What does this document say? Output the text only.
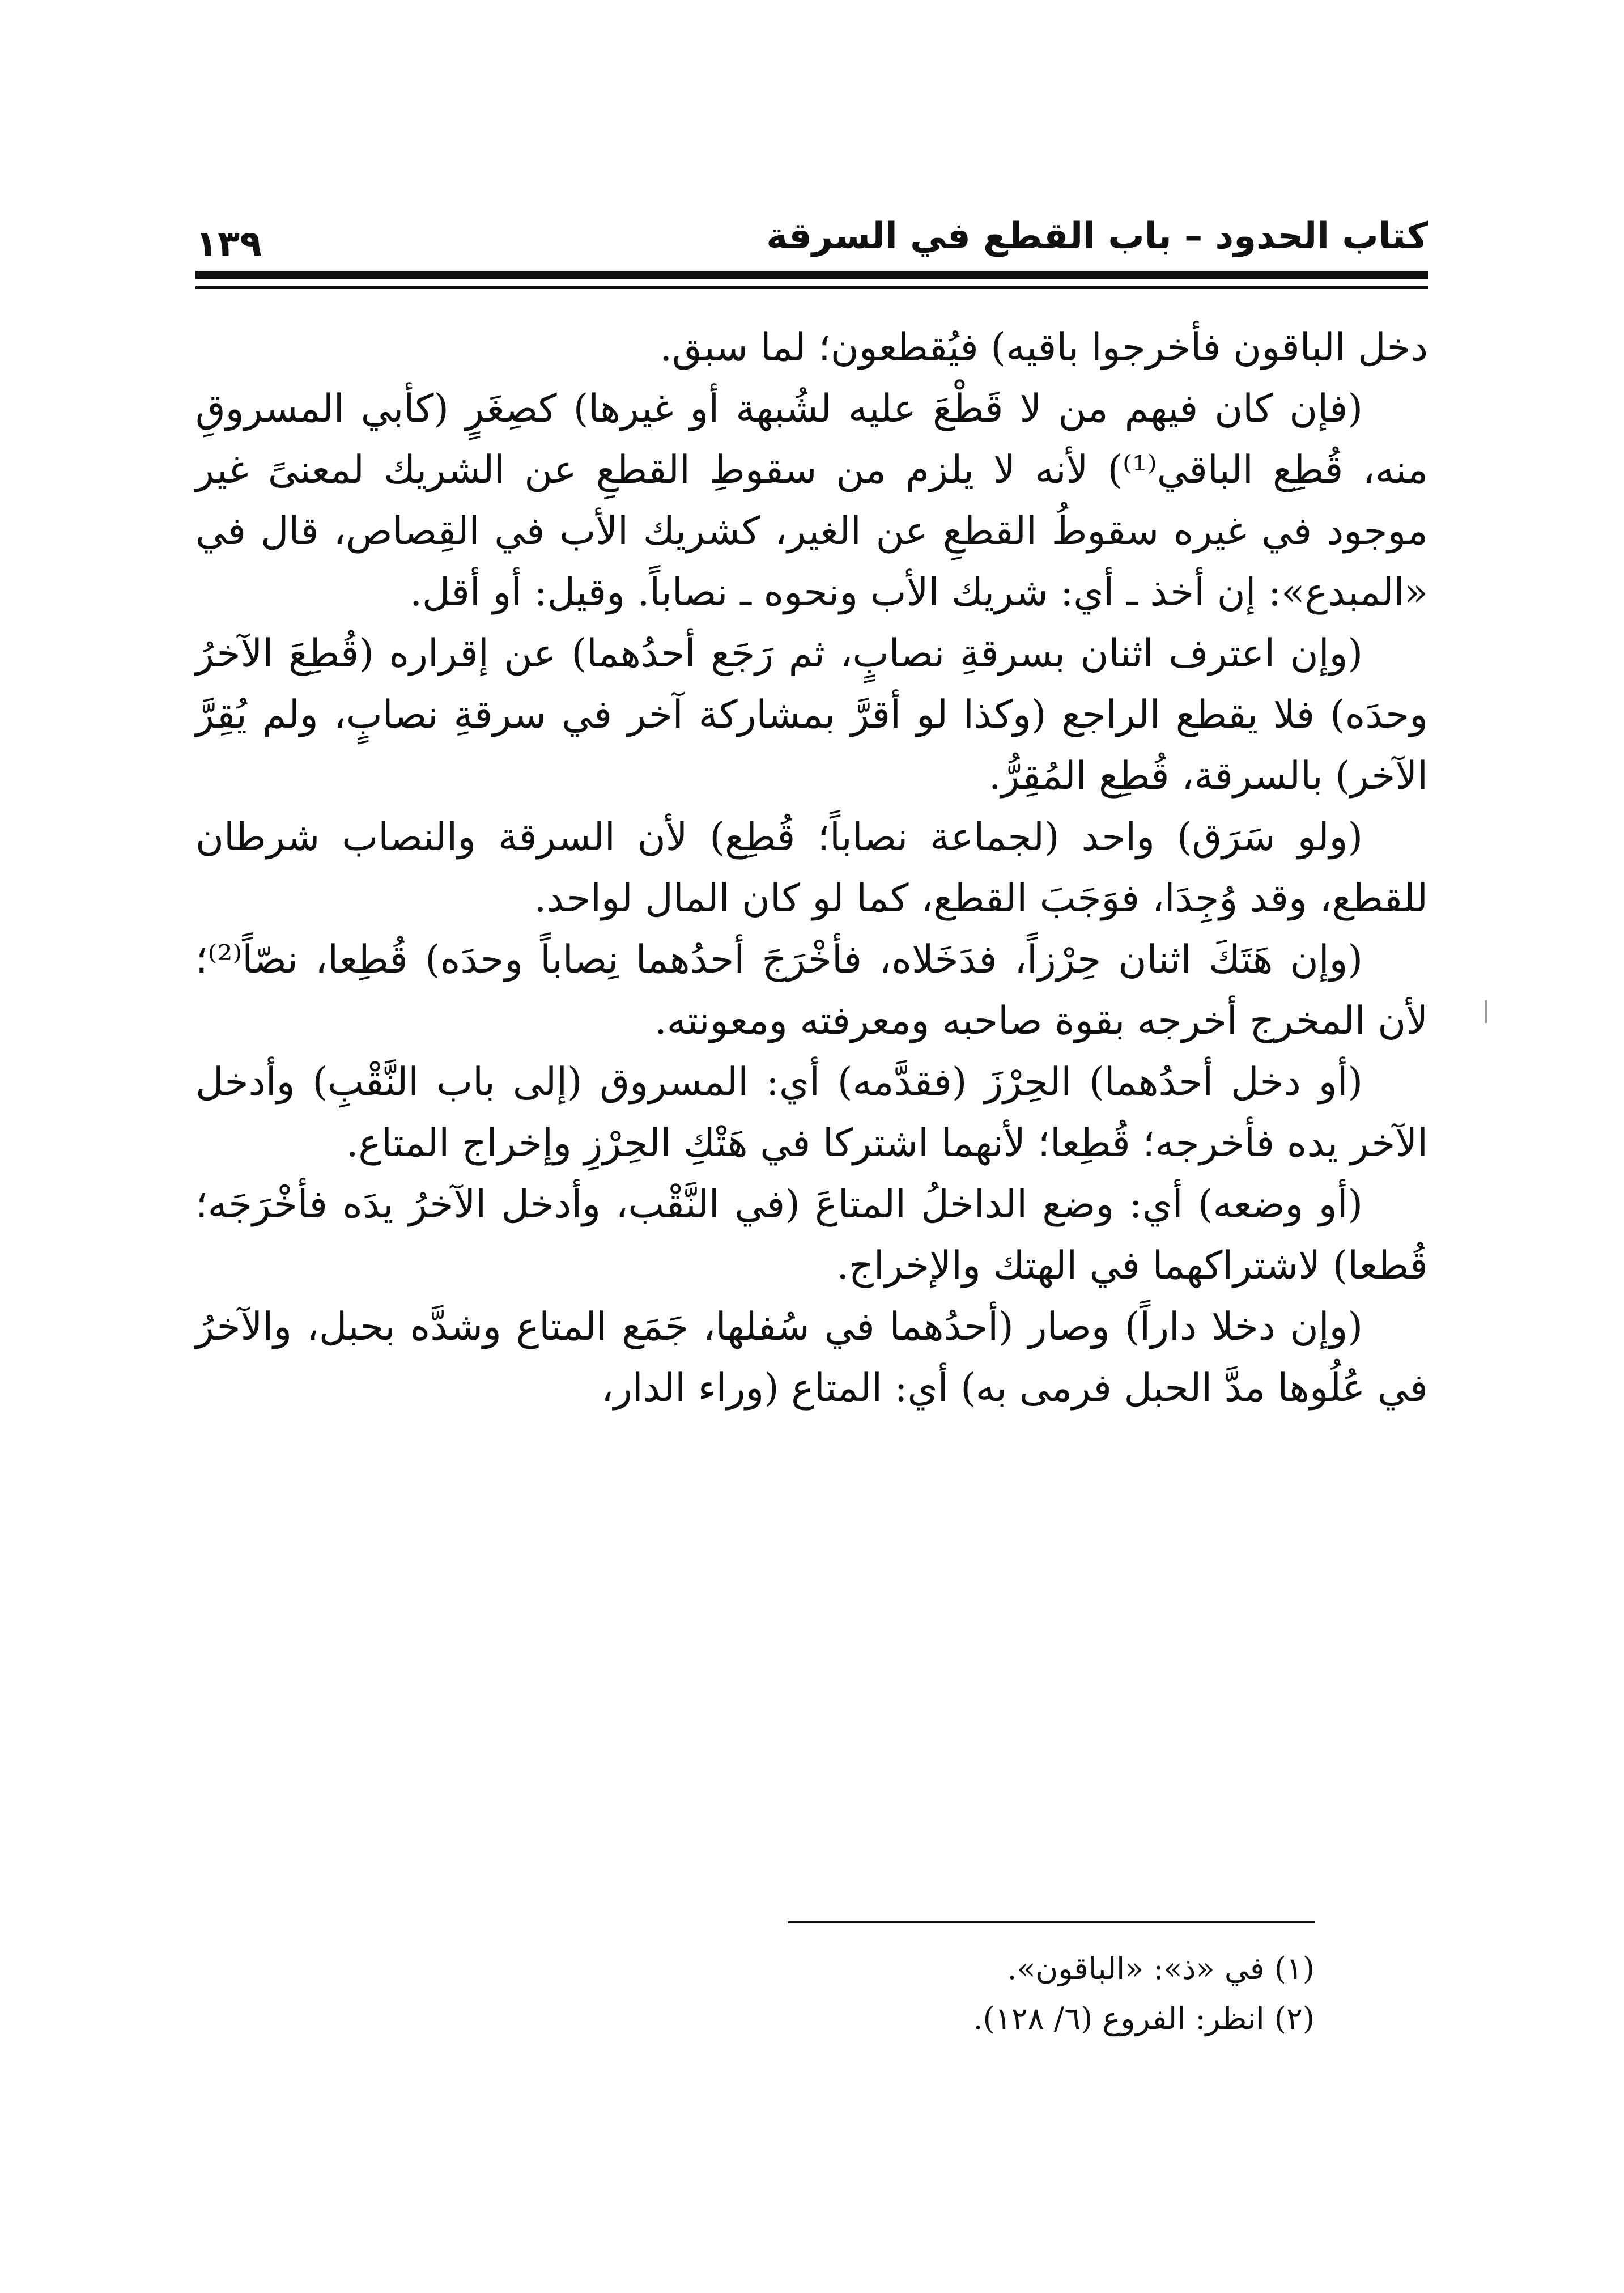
كتاب الحدود – باب القطع في السرقة
١٣٩

دخل الباقون فأخرجوا باقيه) فيُقطعون؛ لما سبق.

(فإن كان فيهم من لا قَطْعَ عليه لشُبهة أو غيرها) كصِغَرٍ (كأبي المسروقِ منه، قُطِع الباقي⁽¹⁾) لأنه لا يلزم من سقوطِ القطعِ عن الشريك لمعنىً غير موجود في غيره سقوطُ القطعِ عن الغير، كشريك الأب في القِصاص، قال في «المبدع»: إن أخذ ـ أي: شريك الأب ونحوه ـ نصاباً. وقيل: أو أقل.

(وإن اعترف اثنان بسرقةِ نصابٍ، ثم رَجَع أحدُهما) عن إقراره (قُطِعَ الآخرُ وحدَه) فلا يقطع الراجع (وكذا لو أقرَّ بمشاركة آخر في سرقةِ نصابٍ، ولم يُقِرَّ الآخر) بالسرقة، قُطِع المُقِرُّ.

(ولو سَرَق) واحد (لجماعة نصاباً؛ قُطِع) لأن السرقة والنصاب شرطان للقطع، وقد وُجِدَا، فوَجَبَ القطع، كما لو كان المال لواحد.

(وإن هَتَكَ اثنان حِرْزاً، فدَخَلاه، فأخْرَجَ أحدُهما نِصاباً وحدَه) قُطِعا، نصّاً⁽²⁾؛ لأن المخرج أخرجه بقوة صاحبه ومعرفته ومعونته.

(أو دخل أحدُهما) الحِرْزَ (فقدَّمه) أي: المسروق (إلى باب النَّقْبِ) وأدخل الآخر يده فأخرجه؛ قُطِعا؛ لأنهما اشتركا في هَتْكِ الحِرْزِ وإخراج المتاع.

(أو وضعه) أي: وضع الداخلُ المتاعَ (في النَّقْب، وأدخل الآخرُ يدَه فأخْرَجَه؛ قُطعا) لاشتراكهما في الهتك والإخراج.

(وإن دخلا داراً) وصار (أحدُهما في سُفلها، جَمَع المتاع وشدَّه بحبل، والآخرُ في عُلُوها مدَّ الحبل فرمى به) أي: المتاع (وراء الدار،

(١) في «ذ»: «الباقون».

(٢) انظر: الفروع (٦/ ١٢٨).
